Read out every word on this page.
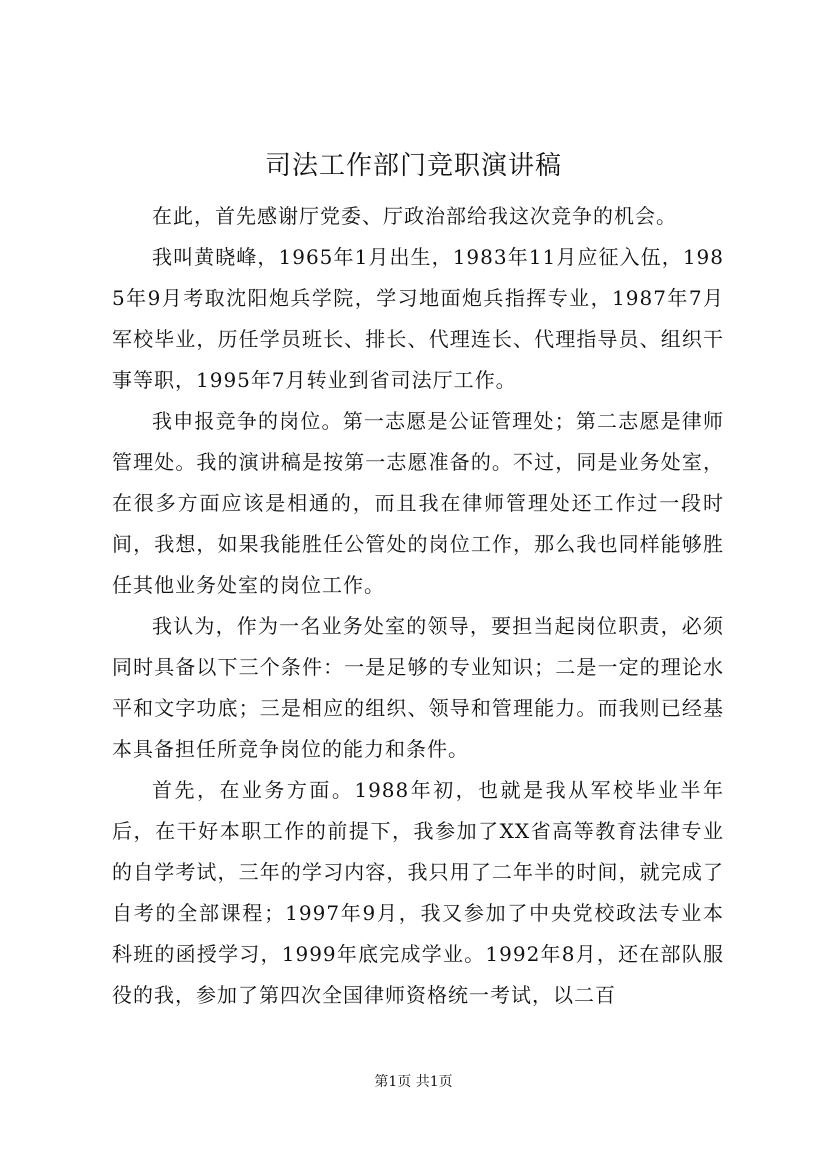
司法工作部门竞职演讲稿

在此，首先感谢厅党委、厅政治部给我这次竞争的机会。

我叫黄晓峰，1965年1月出生，1983年11月应征入伍，1985年9月考取沈阳炮兵学院，学习地面炮兵指挥专业，1987年7月军校毕业，历任学员班长、排长、代理连长、代理指导员、组织干事等职，1995年7月转业到省司法厅工作。

我申报竞争的岗位。第一志愿是公证管理处；第二志愿是律师管理处。我的演讲稿是按第一志愿准备的。不过，同是业务处室，在很多方面应该是相通的，而且我在律师管理处还工作过一段时间，我想，如果我能胜任公管处的岗位工作，那么我也同样能够胜任其他业务处室的岗位工作。

我认为，作为一名业务处室的领导，要担当起岗位职责，必须同时具备以下三个条件：一是足够的专业知识；二是一定的理论水平和文字功底；三是相应的组织、领导和管理能力。而我则已经基本具备担任所竞争岗位的能力和条件。

首先，在业务方面。1988年初，也就是我从军校毕业半年后，在干好本职工作的前提下，我参加了XX省高等教育法律专业的自学考试，三年的学习内容，我只用了二年半的时间，就完成了自考的全部课程；1997年9月，我又参加了中央党校政法专业本科班的函授学习，1999年底完成学业。1992年8月，还在部队服役的我，参加了第四次全国律师资格统一考试，以二百

第1页 共1页
